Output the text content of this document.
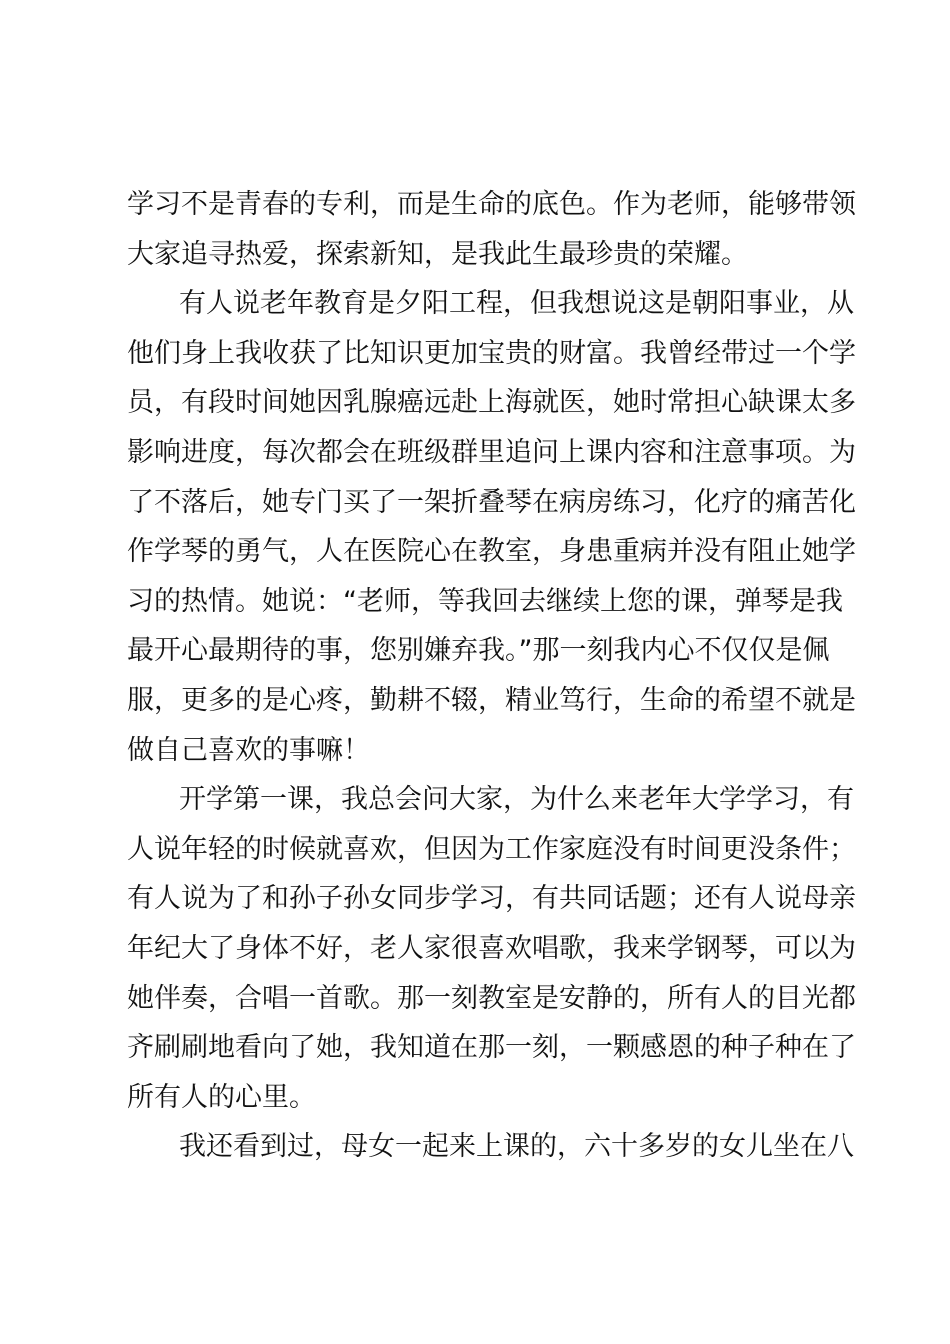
学习不是青春的专利，而是生命的底色。作为老师，能够带领
大家追寻热爱，探索新知，是我此生最珍贵的荣耀。
有人说老年教育是夕阳工程，但我想说这是朝阳事业，从
他们身上我收获了比知识更加宝贵的财富。我曾经带过一个学
员，有段时间她因乳腺癌远赴上海就医，她时常担心缺课太多
影响进度，每次都会在班级群里追问上课内容和注意事项。为
了不落后，她专门买了一架折叠琴在病房练习，化疗的痛苦化
作学琴的勇气，人在医院心在教室，身患重病并没有阻止她学
习的热情。她说：“老师，等我回去继续上您的课，弹琴是我
最开心最期待的事，您别嫌弃我。”那一刻我内心不仅仅是佩
服，更多的是心疼，勤耕不辍，精业笃行，生命的希望不就是
做自己喜欢的事嘛！
开学第一课，我总会问大家，为什么来老年大学学习，有
人说年轻的时候就喜欢，但因为工作家庭没有时间更没条件；
有人说为了和孙子孙女同步学习，有共同话题；还有人说母亲
年纪大了身体不好，老人家很喜欢唱歌，我来学钢琴，可以为
她伴奏，合唱一首歌。那一刻教室是安静的，所有人的目光都
齐刷刷地看向了她，我知道在那一刻，一颗感恩的种子种在了
所有人的心里。
我还看到过，母女一起来上课的，六十多岁的女儿坐在八
